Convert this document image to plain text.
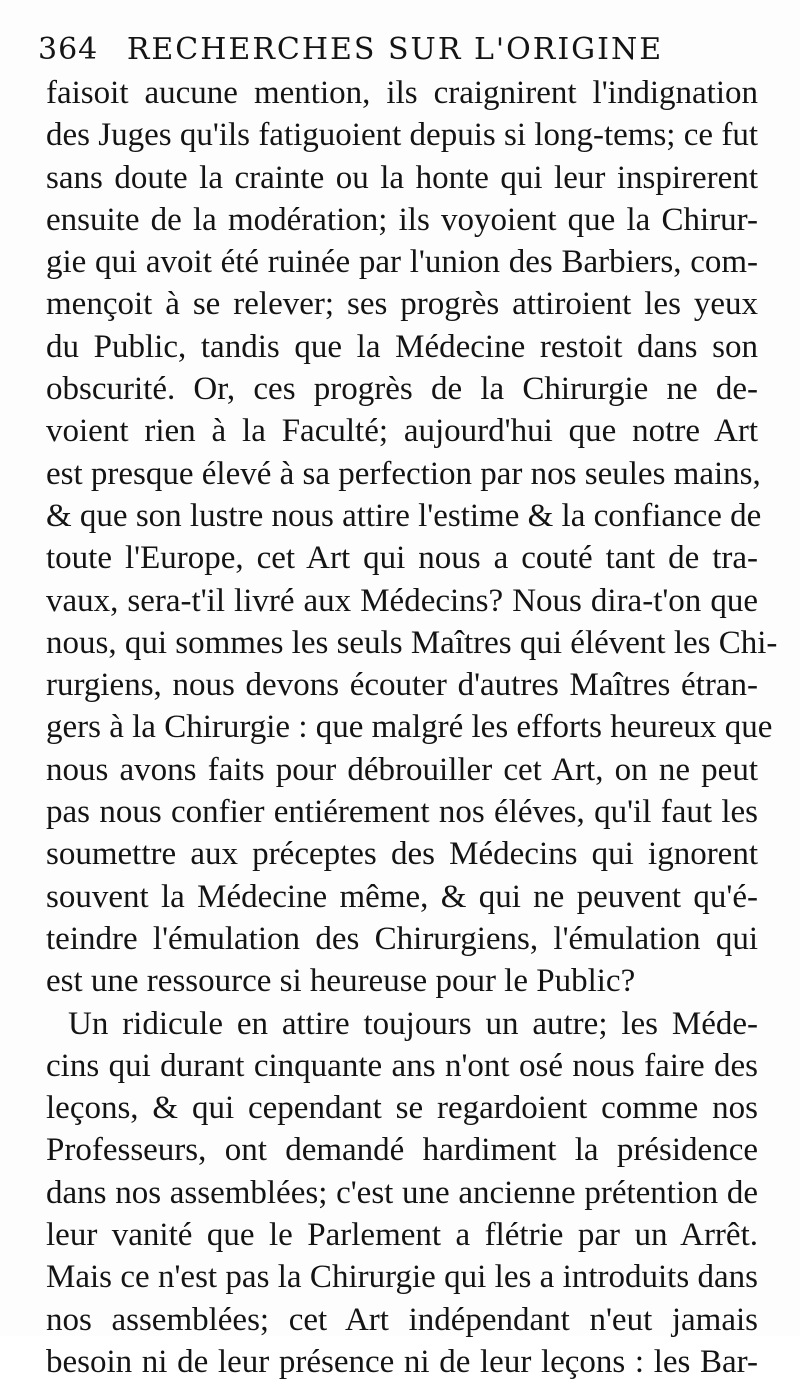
364 RECHERCHES SUR L'ORIGINE
faisoit aucune mention, ils craignirent l'indignation
des Juges qu'ils fatiguoient depuis si long-tems; ce fut
sans doute la crainte ou la honte qui leur inspirerent
ensuite de la modération; ils voyoient que la Chirur-
gie qui avoit été ruinée par l'union des Barbiers, com-
mençoit à se relever; ses progrès attiroient les yeux
du Public, tandis que la Médecine restoit dans son
obscurité. Or, ces progrès de la Chirurgie ne de-
voient rien à la Faculté; aujourd'hui que notre Art
est presque élevé à sa perfection par nos seules mains,
& que son lustre nous attire l'estime & la confiance de
toute l'Europe, cet Art qui nous a couté tant de tra-
vaux, sera-t'il livré aux Médecins? Nous dira-t'on que
nous, qui sommes les seuls Maîtres qui élévent les Chi-
rurgiens, nous devons écouter d'autres Maîtres étran-
gers à la Chirurgie : que malgré les efforts heureux que
nous avons faits pour débrouiller cet Art, on ne peut
pas nous confier entiérement nos éléves, qu'il faut les
soumettre aux préceptes des Médecins qui ignorent
souvent la Médecine même, & qui ne peuvent qu'é-
teindre l'émulation des Chirurgiens, l'émulation qui
est une ressource si heureuse pour le Public?
Un ridicule en attire toujours un autre; les Méde-
cins qui durant cinquante ans n'ont osé nous faire des
leçons, & qui cependant se regardoient comme nos
Professeurs, ont demandé hardiment la présidence
dans nos assemblées; c'est une ancienne prétention de
leur vanité que le Parlement a flétrie par un Arrêt.
Mais ce n'est pas la Chirurgie qui les a introduits dans
nos assemblées; cet Art indépendant n'eut jamais
besoin ni de leur présence ni de leur leçons : les Bar-
